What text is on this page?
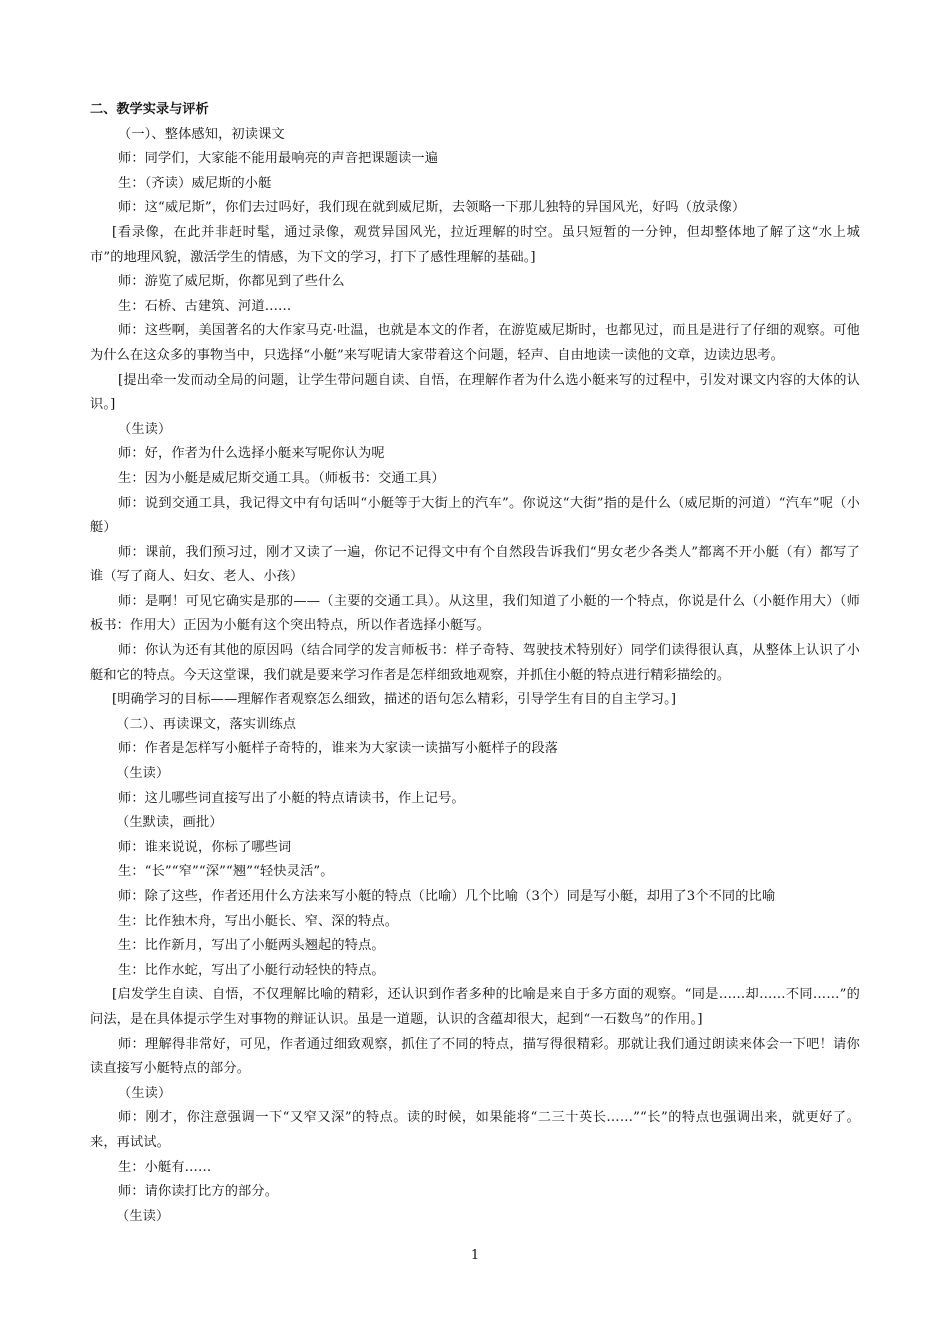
二、教学实录与评析
（一）、整体感知，初读课文
师：同学们，大家能不能用最响亮的声音把课题读一遍
生：（齐读）威尼斯的小艇
师：这“威尼斯”，你们去过吗好，我们现在就到威尼斯，去领略一下那儿独特的异国风光，好吗（放录像）
[看录像，在此并非赶时髦，通过录像，观赏异国风光，拉近理解的时空。虽只短暂的一分钟，但却整体地了解了这“水上城市”的地理风貌，激活学生的情感，为下文的学习，打下了感性理解的基础。]
师：游览了威尼斯，你都见到了些什么
生：石桥、古建筑、河道……
师：这些啊，美国著名的大作家马克·吐温，也就是本文的作者，在游览威尼斯时，也都见过，而且是进行了仔细的观察。可他为什么在这众多的事物当中，只选择“小艇”来写呢请大家带着这个问题，轻声、自由地读一读他的文章，边读边思考。
[提出牵一发而动全局的问题，让学生带问题自读、自悟，在理解作者为什么选小艇来写的过程中，引发对课文内容的大体的认识。]
（生读）
师：好，作者为什么选择小艇来写呢你认为呢
生：因为小艇是威尼斯交通工具。（师板书：交通工具）
师：说到交通工具，我记得文中有句话叫“小艇等于大街上的汽车”。你说这“大街”指的是什么（威尼斯的河道）“汽车”呢（小艇）
师：课前，我们预习过，刚才又读了一遍，你记不记得文中有个自然段告诉我们“男女老少各类人”都离不开小艇（有）都写了谁（写了商人、妇女、老人、小孩）
师：是啊！可见它确实是那的——（主要的交通工具）。从这里，我们知道了小艇的一个特点，你说是什么（小艇作用大）（师板书：作用大）正因为小艇有这个突出特点，所以作者选择小艇写。
师：你认为还有其他的原因吗（结合同学的发言师板书：样子奇特、驾驶技术特别好）同学们读得很认真，从整体上认识了小艇和它的特点。今天这堂课，我们就是要来学习作者是怎样细致地观察，并抓住小艇的特点进行精彩描绘的。
[明确学习的目标——理解作者观察怎么细致，描述的语句怎么精彩，引导学生有目的自主学习。]
（二）、再读课文，落实训练点
师：作者是怎样写小艇样子奇特的，谁来为大家读一读描写小艇样子的段落
（生读）
师：这儿哪些词直接写出了小艇的特点请读书，作上记号。
（生默读，画批）
师：谁来说说，你标了哪些词
生：“长”“窄”“深”“翘”“轻快灵活”。
师：除了这些，作者还用什么方法来写小艇的特点（比喻）几个比喻（3个）同是写小艇，却用了3个不同的比喻
生：比作独木舟，写出小艇长、窄、深的特点。
生：比作新月，写出了小艇两头翘起的特点。
生：比作水蛇，写出了小艇行动轻快的特点。
[启发学生自读、自悟，不仅理解比喻的精彩，还认识到作者多种的比喻是来自于多方面的观察。“同是……却……不同……”的问法，是在具体提示学生对事物的辩证认识。虽是一道题，认识的含蕴却很大，起到“一石数鸟”的作用。]
师：理解得非常好，可见，作者通过细致观察，抓住了不同的特点，描写得很精彩。那就让我们通过朗读来体会一下吧！请你读直接写小艇特点的部分。
（生读）
师：刚才，你注意强调一下“又窄又深”的特点。读的时候，如果能将“二三十英长……”“长”的特点也强调出来，就更好了。来，再试试。
生：小艇有……
师：请你读打比方的部分。
（生读）
1
